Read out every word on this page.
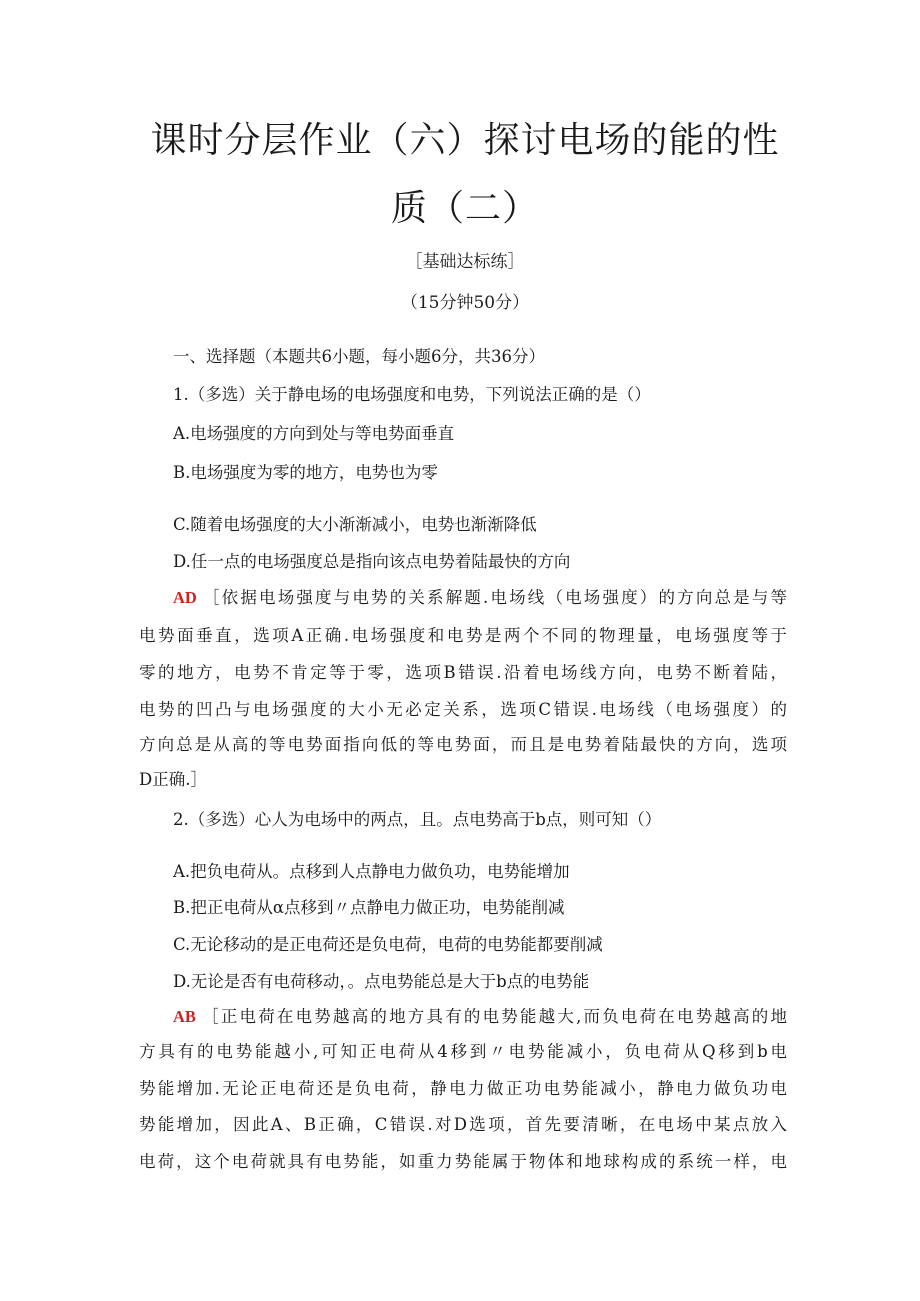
课时分层作业（六）探讨电场的能的性
质（二）
［基础达标练］
（15分钟50分）
一、选择题（本题共6小题，每小题6分，共36分）
1.（多选）关于静电场的电场强度和电势，下列说法正确的是（）
A.电场强度的方向到处与等电势面垂直
B.电场强度为零的地方，电势也为零
C.随着电场强度的大小渐渐减小，电势也渐渐降低
D.任一点的电场强度总是指向该点电势着陆最快的方向
AD ［依据电场强度与电势的关系解题.电场线（电场强度）的方向总是与等
电势面垂直，选项A正确.电场强度和电势是两个不同的物理量，电场强度等于
零的地方，电势不肯定等于零，选项B错误.沿着电场线方向，电势不断着陆，
电势的凹凸与电场强度的大小无必定关系，选项C错误.电场线（电场强度）的
方向总是从高的等电势面指向低的等电势面，而且是电势着陆最快的方向，选项
D正确.］
2.（多选）心人为电场中的两点，且。点电势高于b点，则可知（）
A.把负电荷从。点移到人点静电力做负功，电势能增加
B.把正电荷从α点移到〃点静电力做正功，电势能削减
C.无论移动的是正电荷还是负电荷，电荷的电势能都要削减
D.无论是否有电荷移动，。点电势能总是大于b点的电势能
AB ［正电荷在电势越高的地方具有的电势能越大,而负电荷在电势越高的地
方具有的电势能越小,可知正电荷从4移到〃电势能减小，负电荷从Q移到b电
势能增加.无论正电荷还是负电荷，静电力做正功电势能减小，静电力做负功电
势能增加，因此A、B正确，C错误.对D选项，首先要清晰，在电场中某点放入
电荷，这个电荷就具有电势能，如重力势能属于物体和地球构成的系统一样，电
